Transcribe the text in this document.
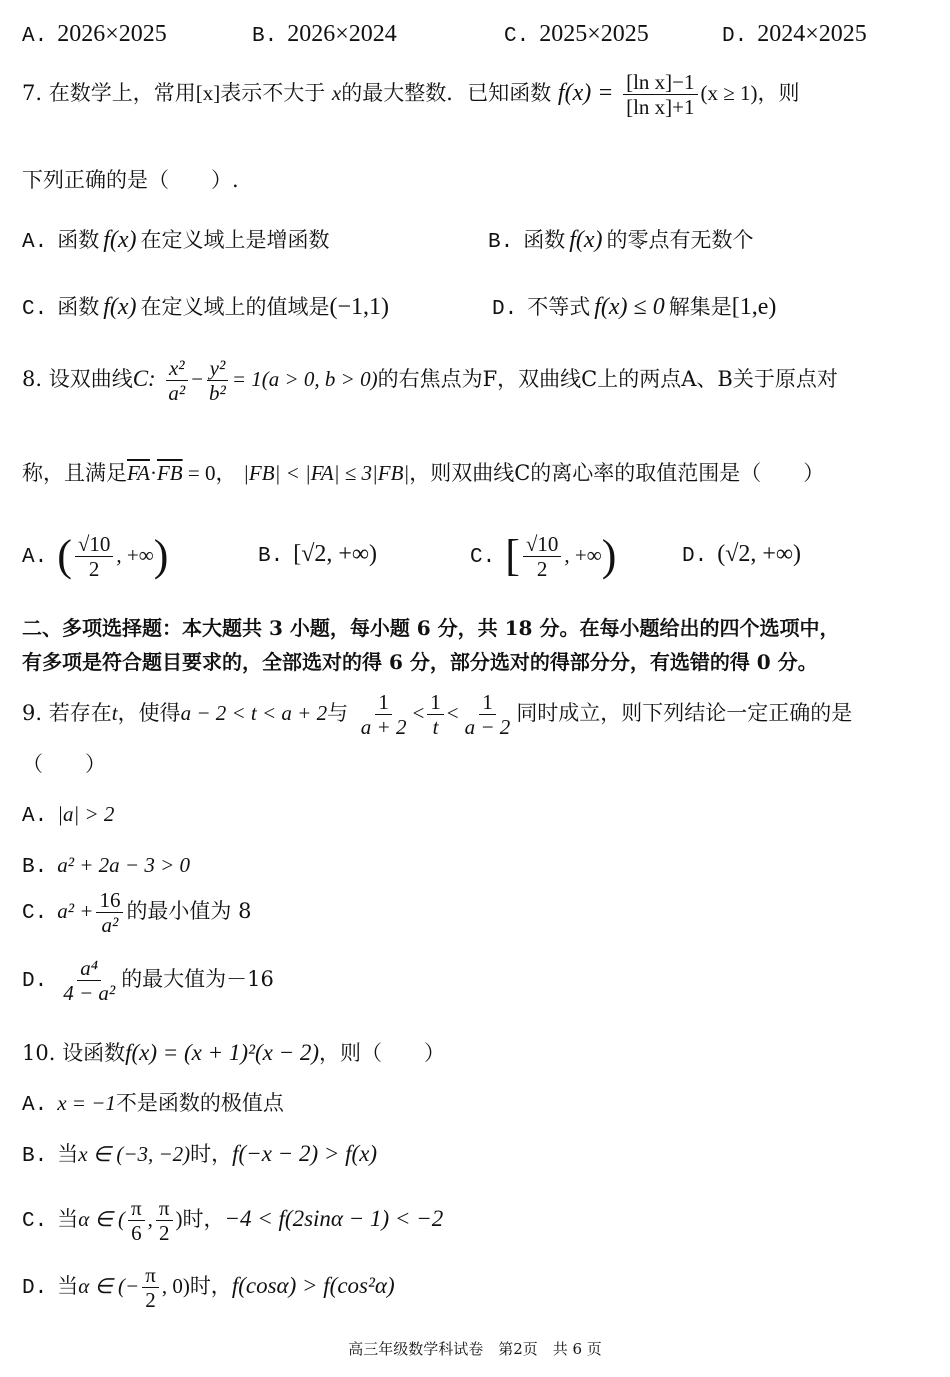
A. 2026×2025	B. 2026×2024	C. 2025×2025	D. 2024×2025
7. 在数学上，常用[x]表示不大于 x的最大整数．已知函数 $f(x) = \frac{\text{[ln x]−1}}{\text{[ln x]+1}} (x \ge 1)$，则
下列正确的是（　　）.
A. 函数 f(x) 在定义域上是增函数	B. 函数 f(x) 的零点有无数个
C. 函数 f(x) 在定义域上的值域是(−1,1)	D. 不等式 f(x) ≤ 0 解集是[1,e)
8. 设双曲线C: $\frac{\text{x²}}{\text{a²}} - \frac{\text{y²}}{\text{b²}} = 1(a > 0$, b > 0)的右焦点为F，双曲线C上的两点A、B关于原点对
称，且满足$\overline{FA}\cdot\overline{FB} = 0$， |FB| < |FA| ≤ 3|FB|，则双曲线C的离心率的取值范围是（　　）
A. ( $\frac{√10}{2}$ , +∞)	B. [√2, +∞)	C. [ $\frac{√10}{2}$ , +∞)	D. (√2, +∞)
二、多项选择题：本大题共 3 小题，每小题 6 分，共 18 分。在每小题给出的四个选项中，
有多项是符合题目要求的，全部选对的得 6 分，部分选对的得部分分，有选错的得 0 分。
9. 若存在t，使得a − 2 < t < a + 2与 $\frac{1}{a + 2} < \frac{1}{t} < \frac{1}{a - 2}$ 同时成立，则下列结论一定正确的是
（　　）
A. |a| > 2
B. a² + 2a − 3 > 0
C. $a^2 + \frac{16}{\text{a²}}$ 的最小值为 8
D. $\frac{\text{a⁴}}{\text{4 − a²}}$ 的最大值为－16
10. 设函数f(x) = (x + 1)²(x − 2)，则（　　）
A. x = −1不是函数的极值点
B. 当x ∈ (−3, −2)时，f(−x − 2) > f(x)
C. 当α ∈ ( $\frac{\pi}{6}$ , $\frac{\pi}{2}$ )时，−4 < f(2sinα − 1) < −2
D. 当α ∈ (− $\frac{\pi}{2}$ , 0)时，f(cosα) > f(cos²α)
高三年级数学科试卷　第2页　共 6 页
